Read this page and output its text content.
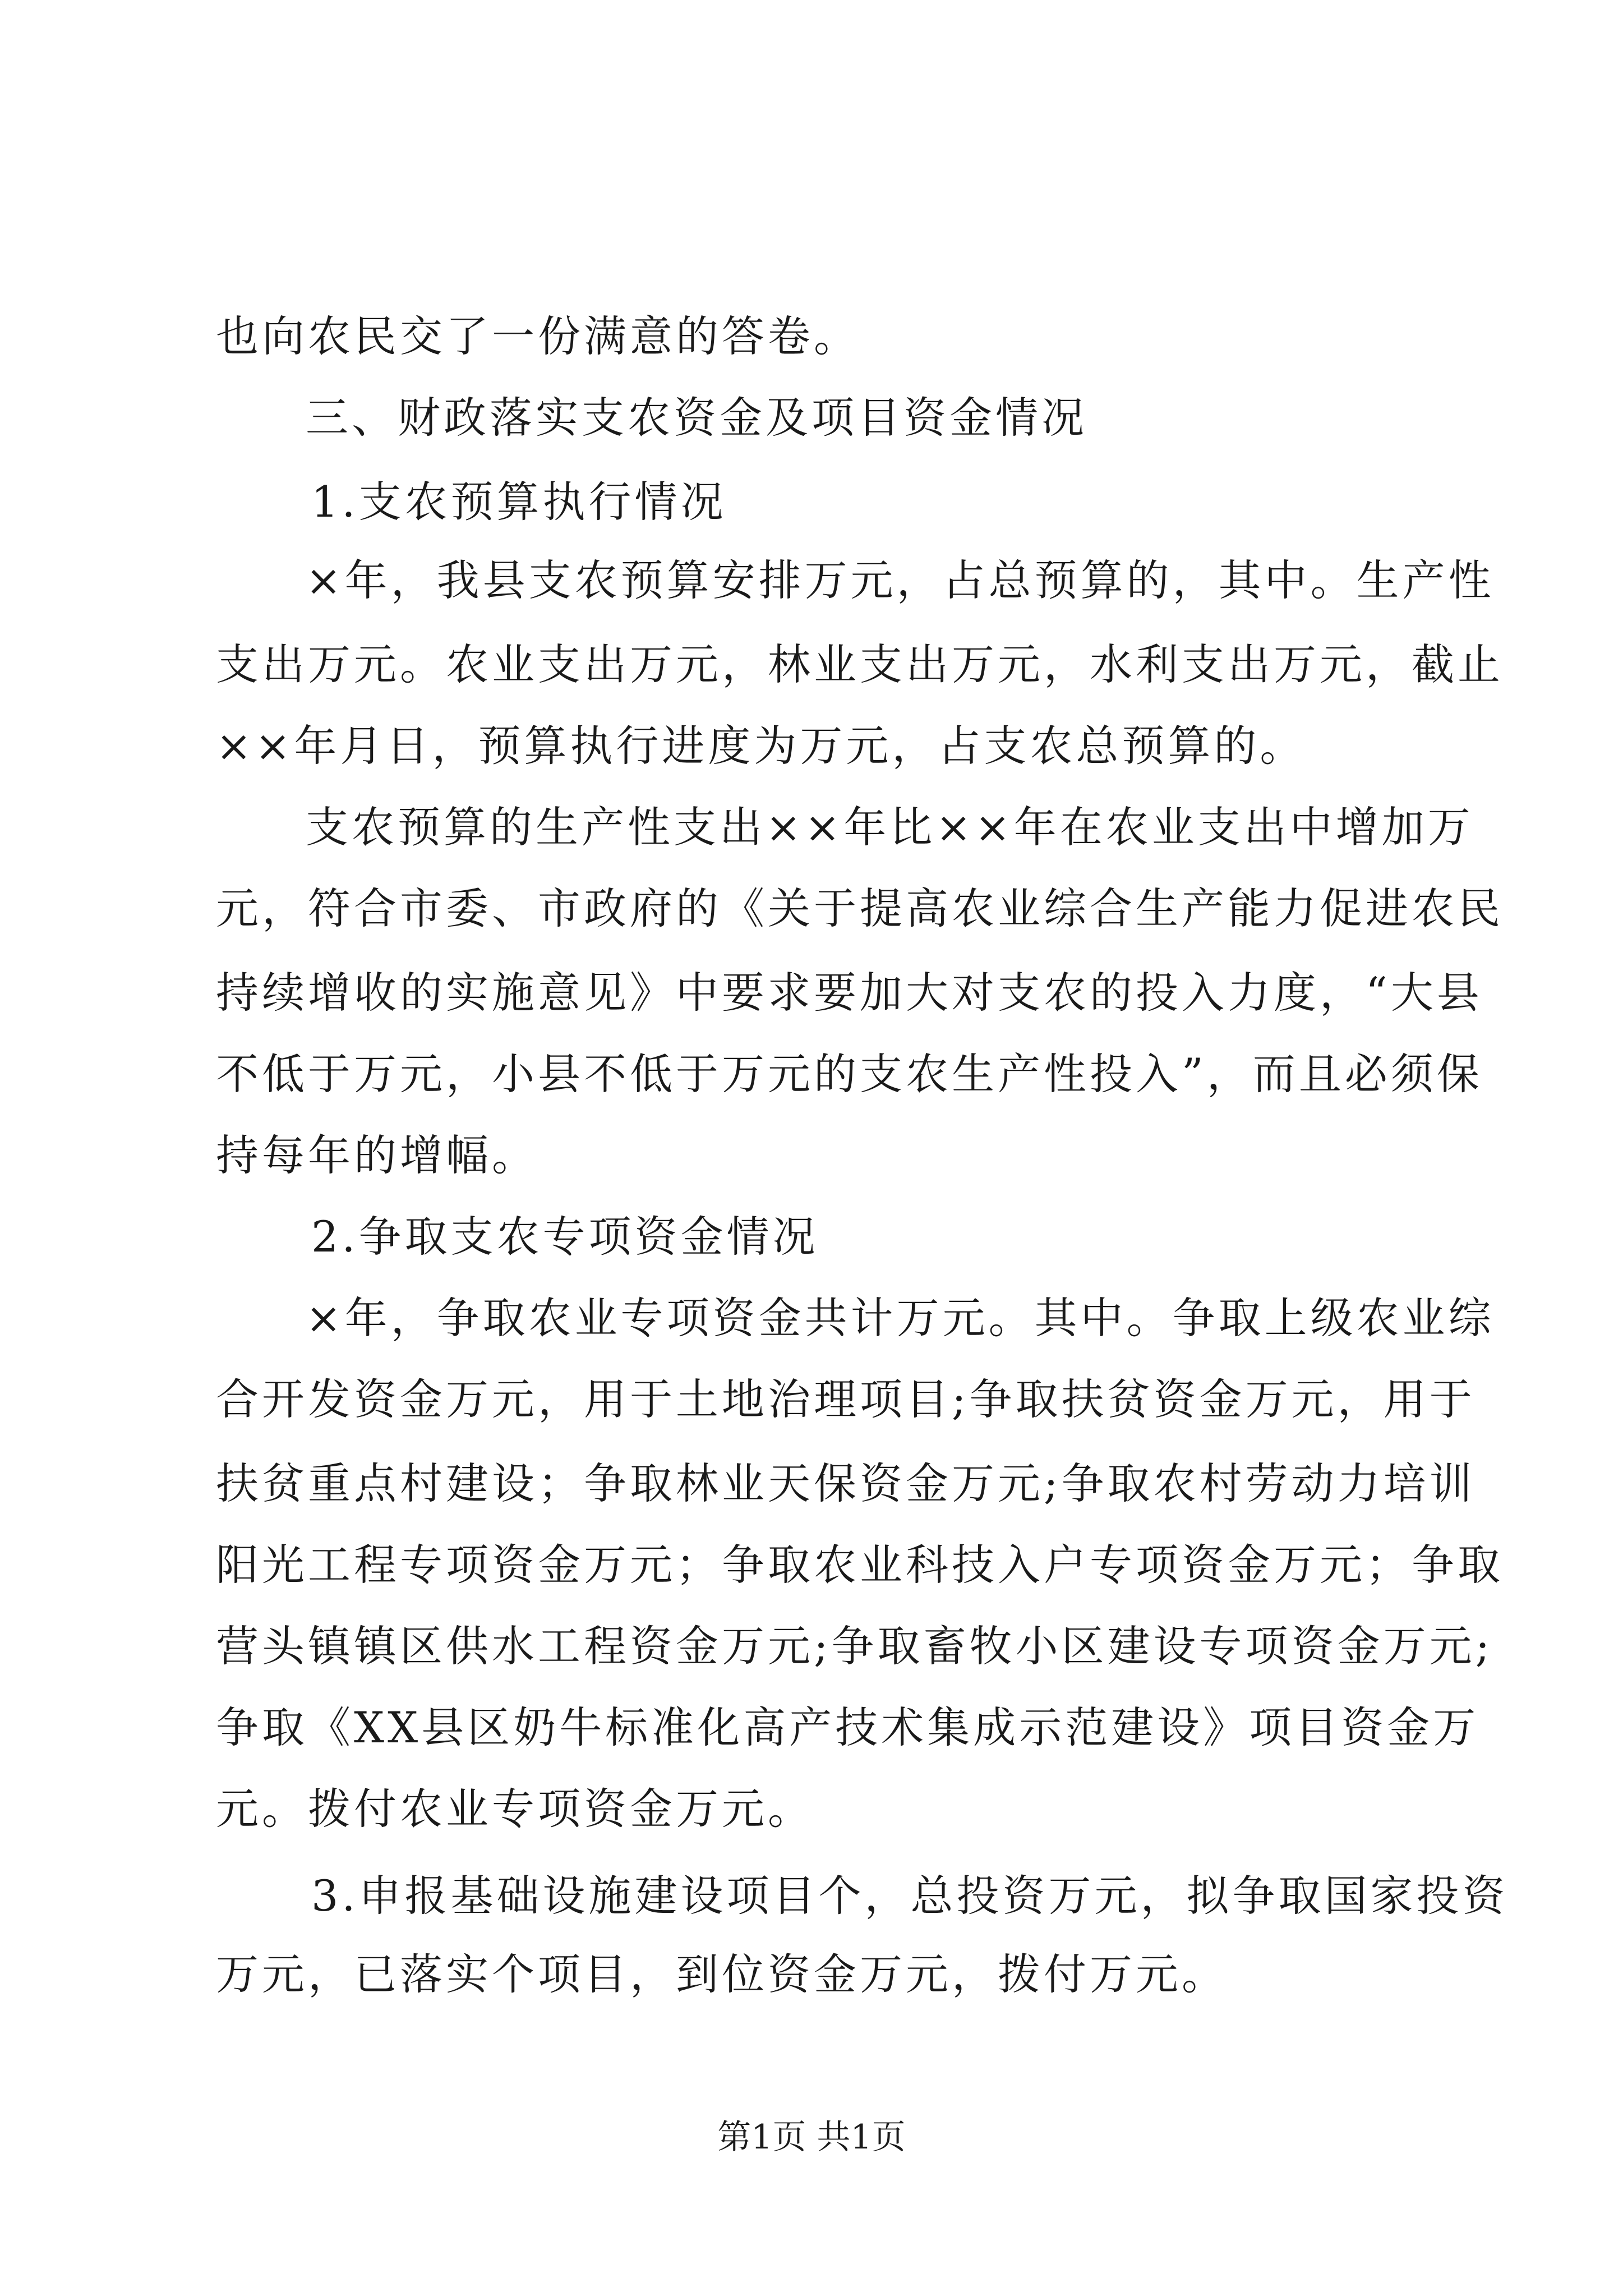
也向农民交了一份满意的答卷。
三、财政落实支农资金及项目资金情况
1.支农预算执行情况
×年，我县支农预算安排万元，占总预算的，其中。生产性
支出万元。农业支出万元，林业支出万元，水利支出万元，截止
××年月日，预算执行进度为万元，占支农总预算的。
支农预算的生产性支出××年比××年在农业支出中增加万
元，符合市委、市政府的《关于提高农业综合生产能力促进农民
持续增收的实施意见》中要求要加大对支农的投入力度，“大县
不低于万元，小县不低于万元的支农生产性投入”，而且必须保
持每年的增幅。
2.争取支农专项资金情况
×年，争取农业专项资金共计万元。其中。争取上级农业综
合开发资金万元，用于土地治理项目;争取扶贫资金万元，用于
扶贫重点村建设；争取林业天保资金万元;争取农村劳动力培训
阳光工程专项资金万元；争取农业科技入户专项资金万元；争取
营头镇镇区供水工程资金万元;争取畜牧小区建设专项资金万元;
争取《XX县区奶牛标准化高产技术集成示范建设》项目资金万
元。拨付农业专项资金万元。
3.申报基础设施建设项目个，总投资万元，拟争取国家投资
万元，已落实个项目，到位资金万元，拨付万元。
第1页 共1页
